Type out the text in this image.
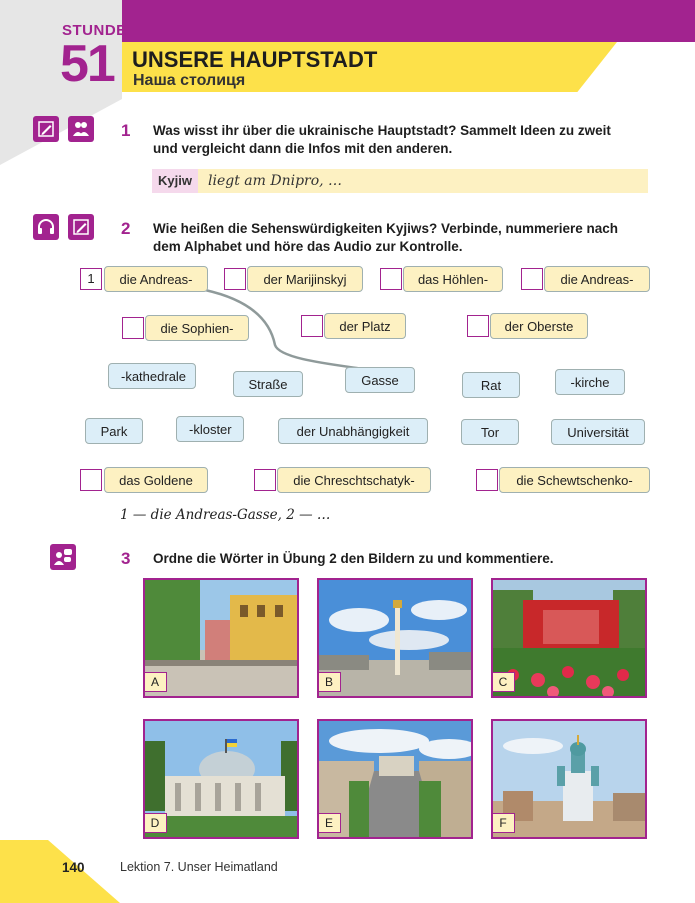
STUNDE
51 UNSERE HAUPTSTADT
Наша столиця
1 Was wisst ihr über die ukrainische Hauptstadt? Sammelt Ideen zu zweit
und vergleicht dann die Infos mit den anderen.
Kyjiw	liegt am Dnipro, …
2 Wie heißen die Sehenswürdigkeiten Kyjiws? Verbinde, nummeriere nach
dem Alphabet und höre das Audio zur Kontrolle.
1	die Andreas-	der Marijinskyj	das Höhlen-	die Andreas-
die Sophien-	der Platz	der Oberste
-kathedrale
Straße	Gasse	Rat	-kirche
Park	-kloster	der Unabhängigkeit	Tor	Universität
das Goldene	die Chreschtschatyk-	die Schewtschenko-
1 — die Andreas-Gasse, 2 — …
3 Ordne die Wörter in Übung 2 den Bildern zu und kommentiere.
A	B	C
D	E	F
140	Lektion 7. Unser Heimatland
